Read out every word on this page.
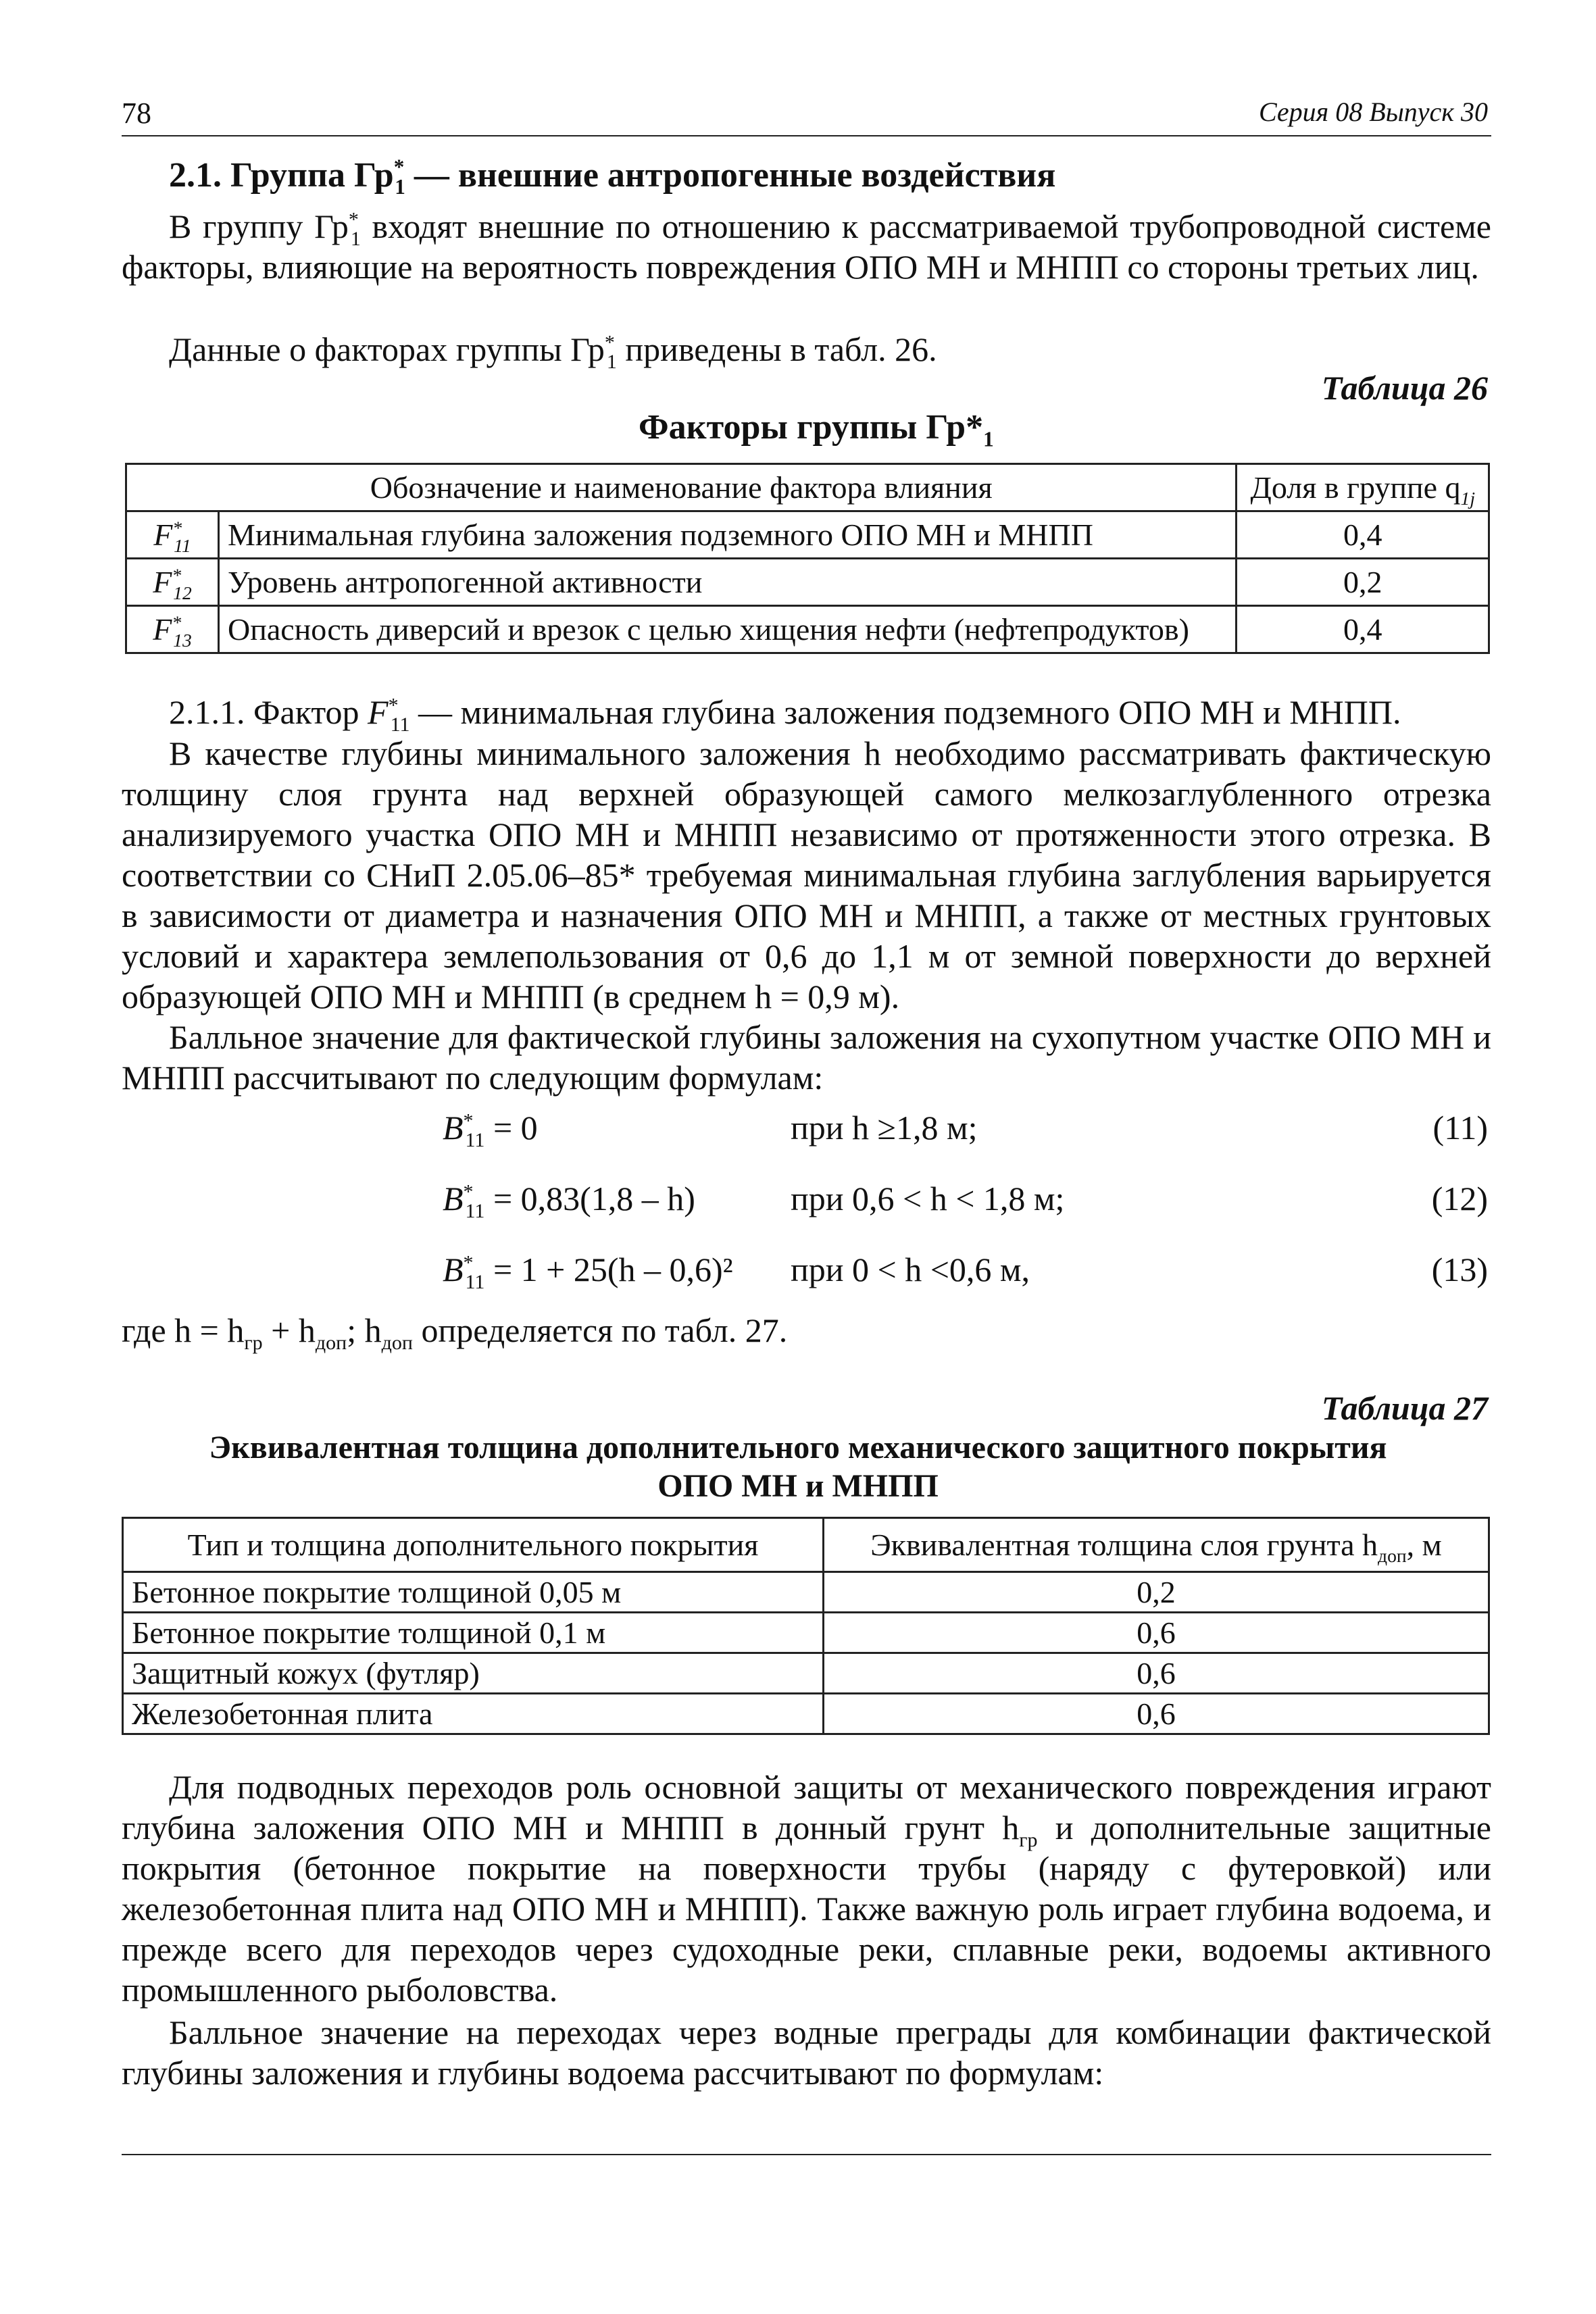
78	Серия 08 Выпуск 30
2.1. Группа $Гр^*_1$ — внешние антропогенные воздействия
В группу $Гр^*_1$ входят внешние по отношению к рассматриваемой трубопроводной системе факторы, влияющие на вероятность повреждения ОПО МН и МНПП со стороны третьих лиц.
Данные о факторах группы $Гр^*_1$ приведены в табл. 26.
Таблица 26
Факторы группы $Гр*_1$
Обозначение и наименование фактора влияния		Доля в группе $q_{1j}$
$F^*_{11}$	Минимальная глубина заложения подземного ОПО МН и МНПП	0,4
$F^*_{12}$	Уровень антропогенной активности	0,2
$F^*_{13}$	Опасность диверсий и врезок с целью хищения нефти (нефтепродуктов)	0,4
2.1.1. Фактор $F^*_{11}$ — минимальная глубина заложения подземного ОПО МН и МНПП.
В качестве глубины минимального заложения h необходимо рассматривать фактическую толщину слоя грунта над верхней образующей самого мелкозаглубленного отрезка анализируемого участка ОПО МН и МНПП независимо от протяженности этого отрезка. В соответствии со СНиП 2.05.06–85* требуемая минимальная глубина заглубления варьируется в зависимости от диаметра и назначения ОПО МН и МНПП, а также от местных грунтовых условий и характера землепользования от 0,6 до 1,1 м от земной поверхности до верхней образующей ОПО МН и МНПП (в среднем h = 0,9 м).
Балльное значение для фактической глубины заложения на сухопутном участке ОПО МН и МНПП рассчитывают по следующим формулам:
$B^*_{11} = 0$	при h ≥1,8 м;	(11)
$B^*_{11} = 0,83(1,8 - h)$	при 0,6 < h < 1,8 м;	(12)
$B^*_{11} = 1 + 25(h - 0,6)^2$ при 0 < h <0,6 м,	(13)
где $h = h_{гр} + h_{доп}$; $h_{доп}$ определяется по табл. 27.
Таблица 27
Эквивалентная толщина дополнительного механического защитного покрытия
ОПО МН и МНПП
Тип и толщина дополнительного покрытия	Эквивалентная толщина слоя грунта $h_{доп}$, м
Бетонное покрытие толщиной 0,05 м	0,2
Бетонное покрытие толщиной 0,1 м	0,6
Защитный кожух (футляр)	0,6
Железобетонная плита	0,6
Для подводных переходов роль основной защиты от механического повреждения играют глубина заложения ОПО МН и МНПП в донный грунт $h_{гр}$ и дополнительные защитные покрытия (бетонное покрытие на поверхности трубы (наряду с футеровкой) или железобетонная плита над ОПО МН и МНПП). Также важную роль играет глубина водоема, и прежде всего для переходов через судоходные реки, сплавные реки, водоемы активного промышленного рыболовства.
Балльное значение на переходах через водные преграды для комбинации фактической глубины заложения и глубины водоема рассчитывают по формулам:
